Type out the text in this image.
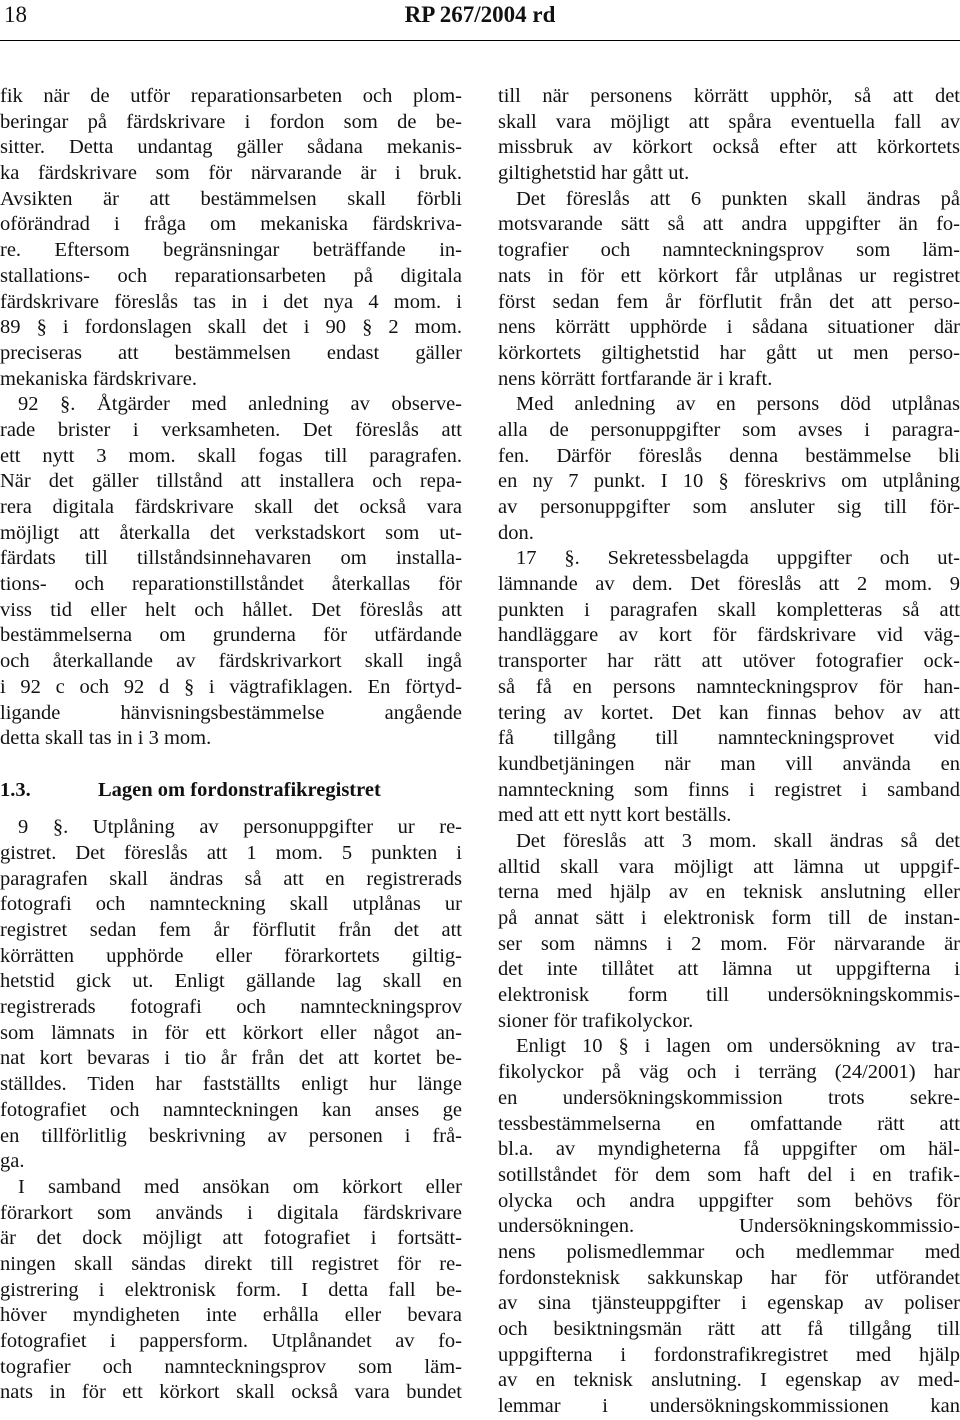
18	RP 267/2004 rd
fik när de utför reparationsarbeten och plom-
beringar på färdskrivare i fordon som de be-
sitter. Detta undantag gäller sådana mekanis-
ka färdskrivare som för närvarande är i bruk.
Avsikten är att bestämmelsen skall förbli
oförändrad i fråga om mekaniska färdskriva-
re. Eftersom begränsningar beträffande in-
stallations- och reparationsarbeten på digitala
färdskrivare föreslås tas in i det nya 4 mom. i
89 § i fordonslagen skall det i 90 § 2 mom.
preciseras att bestämmelsen endast gäller
mekaniska färdskrivare.
92 §. Åtgärder med anledning av observe-
rade brister i verksamheten. Det föreslås att
ett nytt 3 mom. skall fogas till paragrafen.
När det gäller tillstånd att installera och repa-
rera digitala färdskrivare skall det också vara
möjligt att återkalla det verkstadskort som ut-
färdats till tillståndsinnehavaren om installa-
tions- och reparationstillståndet återkallas för
viss tid eller helt och hållet. Det föreslås att
bestämmelserna om grunderna för utfärdande
och återkallande av färdskrivarkort skall ingå
i 92 c och 92 d § i vägtrafiklagen. En förtyd-
ligande hänvisningsbestämmelse angående
detta skall tas in i 3 mom.
1.3.	Lagen om fordonstrafikregistret
9 §. Utplåning av personuppgifter ur re-
gistret. Det föreslås att 1 mom. 5 punkten i
paragrafen skall ändras så att en registrerads
fotografi och namnteckning skall utplånas ur
registret sedan fem år förflutit från det att
körrätten upphörde eller förarkortets giltig-
hetstid gick ut. Enligt gällande lag skall en
registrerads fotografi och namnteckningsprov
som lämnats in för ett körkort eller något an-
nat kort bevaras i tio år från det att kortet be-
ställdes. Tiden har fastställts enligt hur länge
fotografiet och namnteckningen kan anses ge
en tillförlitlig beskrivning av personen i frå-
ga.
I samband med ansökan om körkort eller
förarkort som används i digitala färdskrivare
är det dock möjligt att fotografiet i fortsätt-
ningen skall sändas direkt till registret för re-
gistrering i elektronisk form. I detta fall be-
höver myndigheten inte erhålla eller bevara
fotografiet i pappersform. Utplånandet av fo-
tografier och namnteckningsprov som läm-
nats in för ett körkort skall också vara bundet
till när personens körrätt upphör, så att det
skall vara möjligt att spåra eventuella fall av
missbruk av körkort också efter att körkortets
giltighetstid har gått ut.
Det föreslås att 6 punkten skall ändras på
motsvarande sätt så att andra uppgifter än fo-
tografier och namnteckningsprov som läm-
nats in för ett körkort får utplånas ur registret
först sedan fem år förflutit från det att perso-
nens körrätt upphörde i sådana situationer där
körkortets giltighetstid har gått ut men perso-
nens körrätt fortfarande är i kraft.
Med anledning av en persons död utplånas
alla de personuppgifter som avses i paragra-
fen. Därför föreslås denna bestämmelse bli
en ny 7 punkt. I 10 § föreskrivs om utplåning
av personuppgifter som ansluter sig till för-
don.
17 §. Sekretessbelagda uppgifter och ut-
lämnande av dem. Det föreslås att 2 mom. 9
punkten i paragrafen skall kompletteras så att
handläggare av kort för färdskrivare vid väg-
transporter har rätt att utöver fotografier ock-
så få en persons namnteckningsprov för han-
tering av kortet. Det kan finnas behov av att
få tillgång till namnteckningsprovet vid
kundbetjäningen när man vill använda en
namnteckning som finns i registret i samband
med att ett nytt kort beställs.
Det föreslås att 3 mom. skall ändras så det
alltid skall vara möjligt att lämna ut uppgif-
terna med hjälp av en teknisk anslutning eller
på annat sätt i elektronisk form till de instan-
ser som nämns i 2 mom. För närvarande är
det inte tillåtet att lämna ut uppgifterna i
elektronisk form till undersökningskommis-
sioner för trafikolyckor.
Enligt 10 § i lagen om undersökning av tra-
fikolyckor på väg och i terräng (24/2001) har
en undersökningskommission trots sekre-
tessbestämmelserna en omfattande rätt att
bl.a. av myndigheterna få uppgifter om häl-
sotillståndet för dem som haft del i en trafik-
olycka och andra uppgifter som behövs för
undersökningen. Undersökningskommissio-
nens polismedlemmar och medlemmar med
fordonsteknisk sakkunskap har för utförandet
av sina tjänsteuppgifter i egenskap av poliser
och besiktningsmän rätt att få tillgång till
uppgifterna i fordonstrafikregistret med hjälp
av en teknisk anslutning. I egenskap av med-
lemmar i undersökningskommissionen kan
